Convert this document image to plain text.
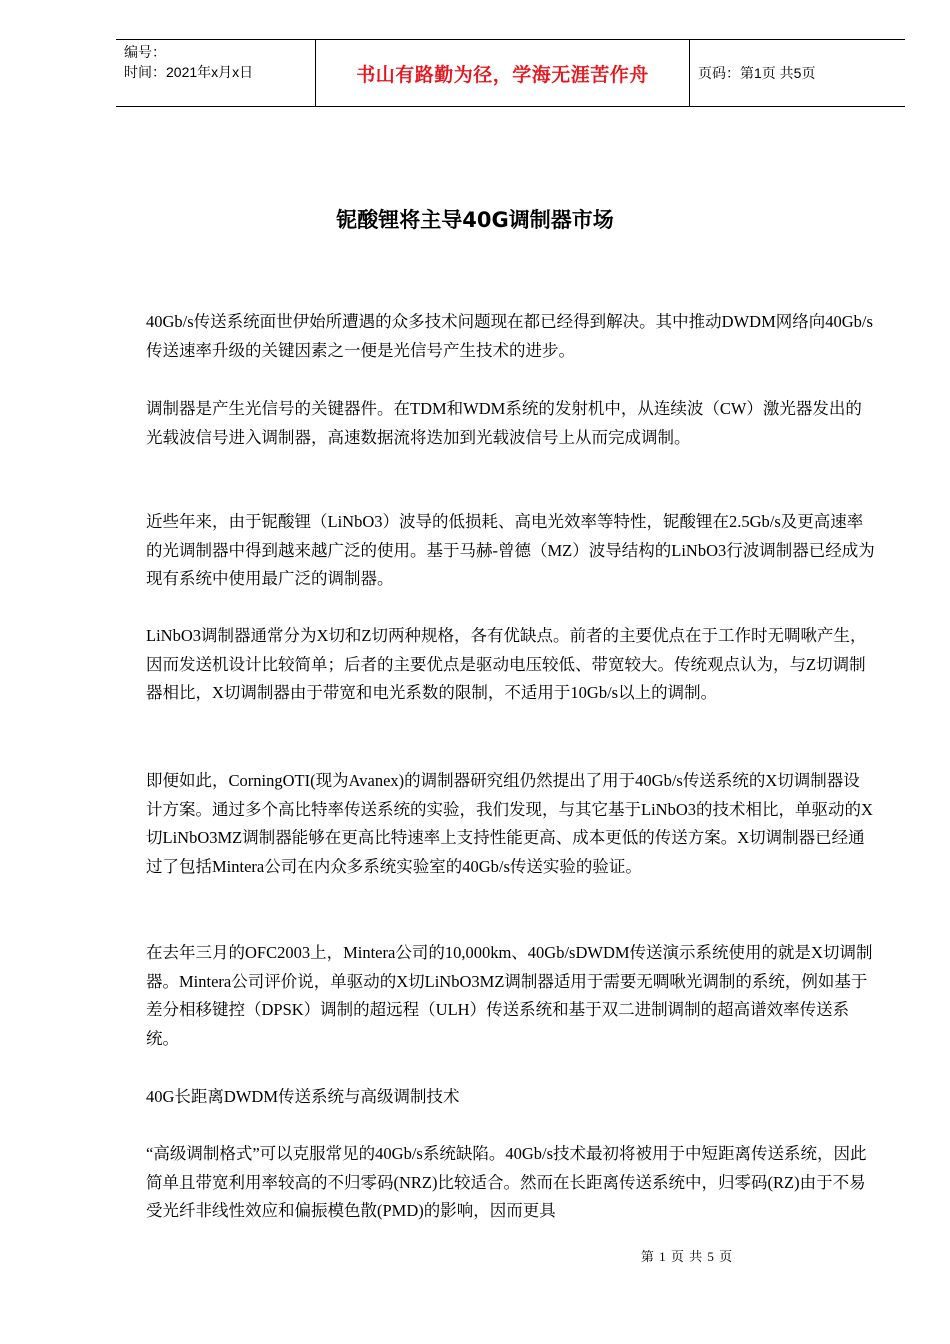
编号：
时间：2021年x月x日	书山有路勤为径，学海无涯苦作舟	页码：第1页 共5页
铌酸锂将主导40G调制器市场

40Gb/s传送系统面世伊始所遭遇的众多技术问题现在都已经得到解决。其中推动DWDM网络向40Gb/s传送速率升级的关键因素之一便是光信号产生技术的进步。

调制器是产生光信号的关键器件。在TDM和WDM系统的发射机中，从连续波（CW）激光器发出的光载波信号进入调制器，高速数据流将迭加到光载波信号上从而完成调制。

近些年来，由于铌酸锂（LiNbO3）波导的低损耗、高电光效率等特性，铌酸锂在2.5Gb/s及更高速率的光调制器中得到越来越广泛的使用。基于马赫-曾德（MZ）波导结构的LiNbO3行波调制器已经成为现有系统中使用最广泛的调制器。

LiNbO3调制器通常分为X切和Z切两种规格，各有优缺点。前者的主要优点在于工作时无啁啾产生，因而发送机设计比较简单；后者的主要优点是驱动电压较低、带宽较大。传统观点认为，与Z切调制器相比，X切调制器由于带宽和电光系数的限制，不适用于10Gb/s以上的调制。

即便如此，CorningOTI(现为Avanex)的调制器研究组仍然提出了用于40Gb/s传送系统的X切调制器设计方案。通过多个高比特率传送系统的实验，我们发现，与其它基于LiNbO3的技术相比，单驱动的X切LiNbO3MZ调制器能够在更高比特速率上支持性能更高、成本更低的传送方案。X切调制器已经通过了包括Mintera公司在内众多系统实验室的40Gb/s传送实验的验证。

在去年三月的OFC2003上，Mintera公司的10,000km、40Gb/sDWDM传送演示系统使用的就是X切调制器。Mintera公司评价说，单驱动的X切LiNbO3MZ调制器适用于需要无啁啾光调制的系统，例如基于差分相移键控（DPSK）调制的超远程（ULH）传送系统和基于双二进制调制的超高谱效率传送系统。

40G长距离DWDM传送系统与高级调制技术

“高级调制格式”可以克服常见的40Gb/s系统缺陷。40Gb/s技术最初将被用于中短距离传送系统，因此简单且带宽利用率较高的不归零码(NRZ)比较适合。然而在长距离传送系统中，归零码(RZ)由于不易受光纤非线性效应和偏振模色散(PMD)的影响，因而更具

第 1 页 共 5 页
